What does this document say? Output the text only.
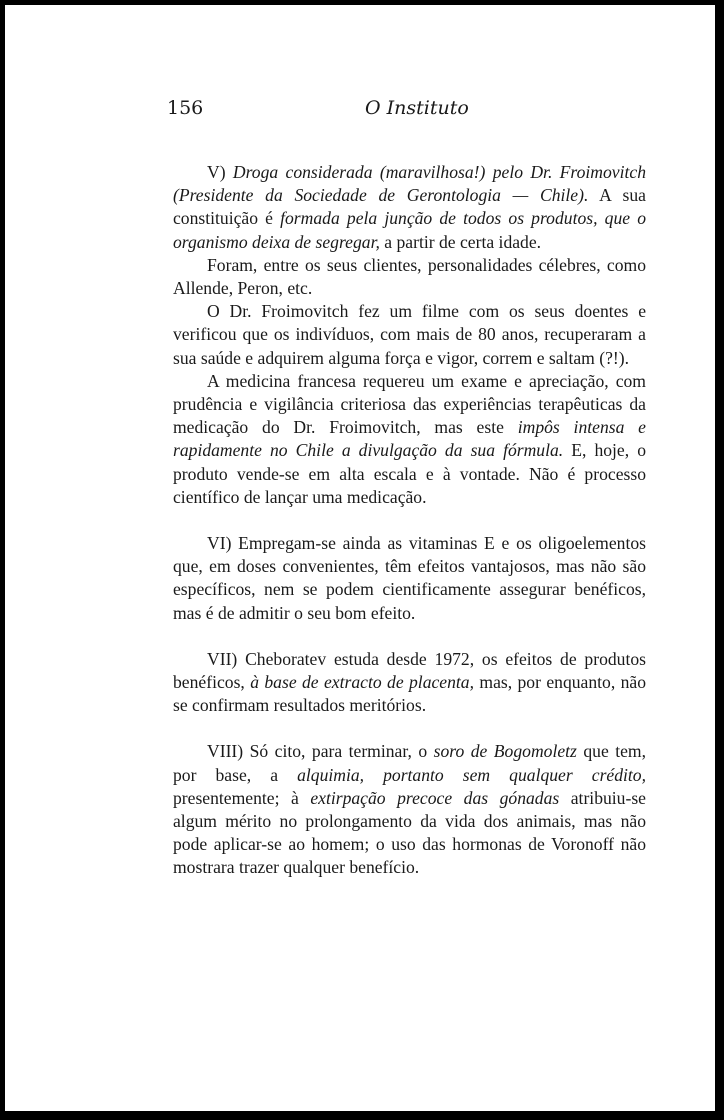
156	O Instituto

V) Droga considerada (maravilhosa!) pelo Dr. Froimovitch (Presidente da Sociedade de Gerontologia — Chile). A sua constituição é formada pela junção de todos os produtos, que o organismo deixa de segregar, a partir de certa idade.

Foram, entre os seus clientes, personalidades célebres, como Allende, Peron, etc.

O Dr. Froimovitch fez um filme com os seus doentes e verificou que os indivíduos, com mais de 80 anos, recuperaram a sua saúde e adquirem alguma força e vigor, correm e saltam (?!).

A medicina francesa requereu um exame e apreciação, com prudência e vigilância criteriosa das experiências terapêuticas da medicação do Dr. Froimovitch, mas este impôs intensa e rapidamente no Chile a divulgação da sua fórmula. E, hoje, o produto vende-se em alta escala e à vontade. Não é processo científico de lançar uma medicação.

VI) Empregam-se ainda as vitaminas E e os oligoelementos que, em doses convenientes, têm efeitos vantajosos, mas não são específicos, nem se podem cientificamente assegurar benéficos, mas é de admitir o seu bom efeito.

VII) Cheboratev estuda desde 1972, os efeitos de produtos benéficos, à base de extracto de placenta, mas, por enquanto, não se confirmam resultados meritórios.

VIII) Só cito, para terminar, o soro de Bogomoletz que tem, por base, a alquimia, portanto sem qualquer crédito, presentemente; à extirpação precoce das gónadas atribuiu-se algum mérito no prolongamento da vida dos animais, mas não pode aplicar-se ao homem; o uso das hormonas de Voronoff não mostrara trazer qualquer benefício.
